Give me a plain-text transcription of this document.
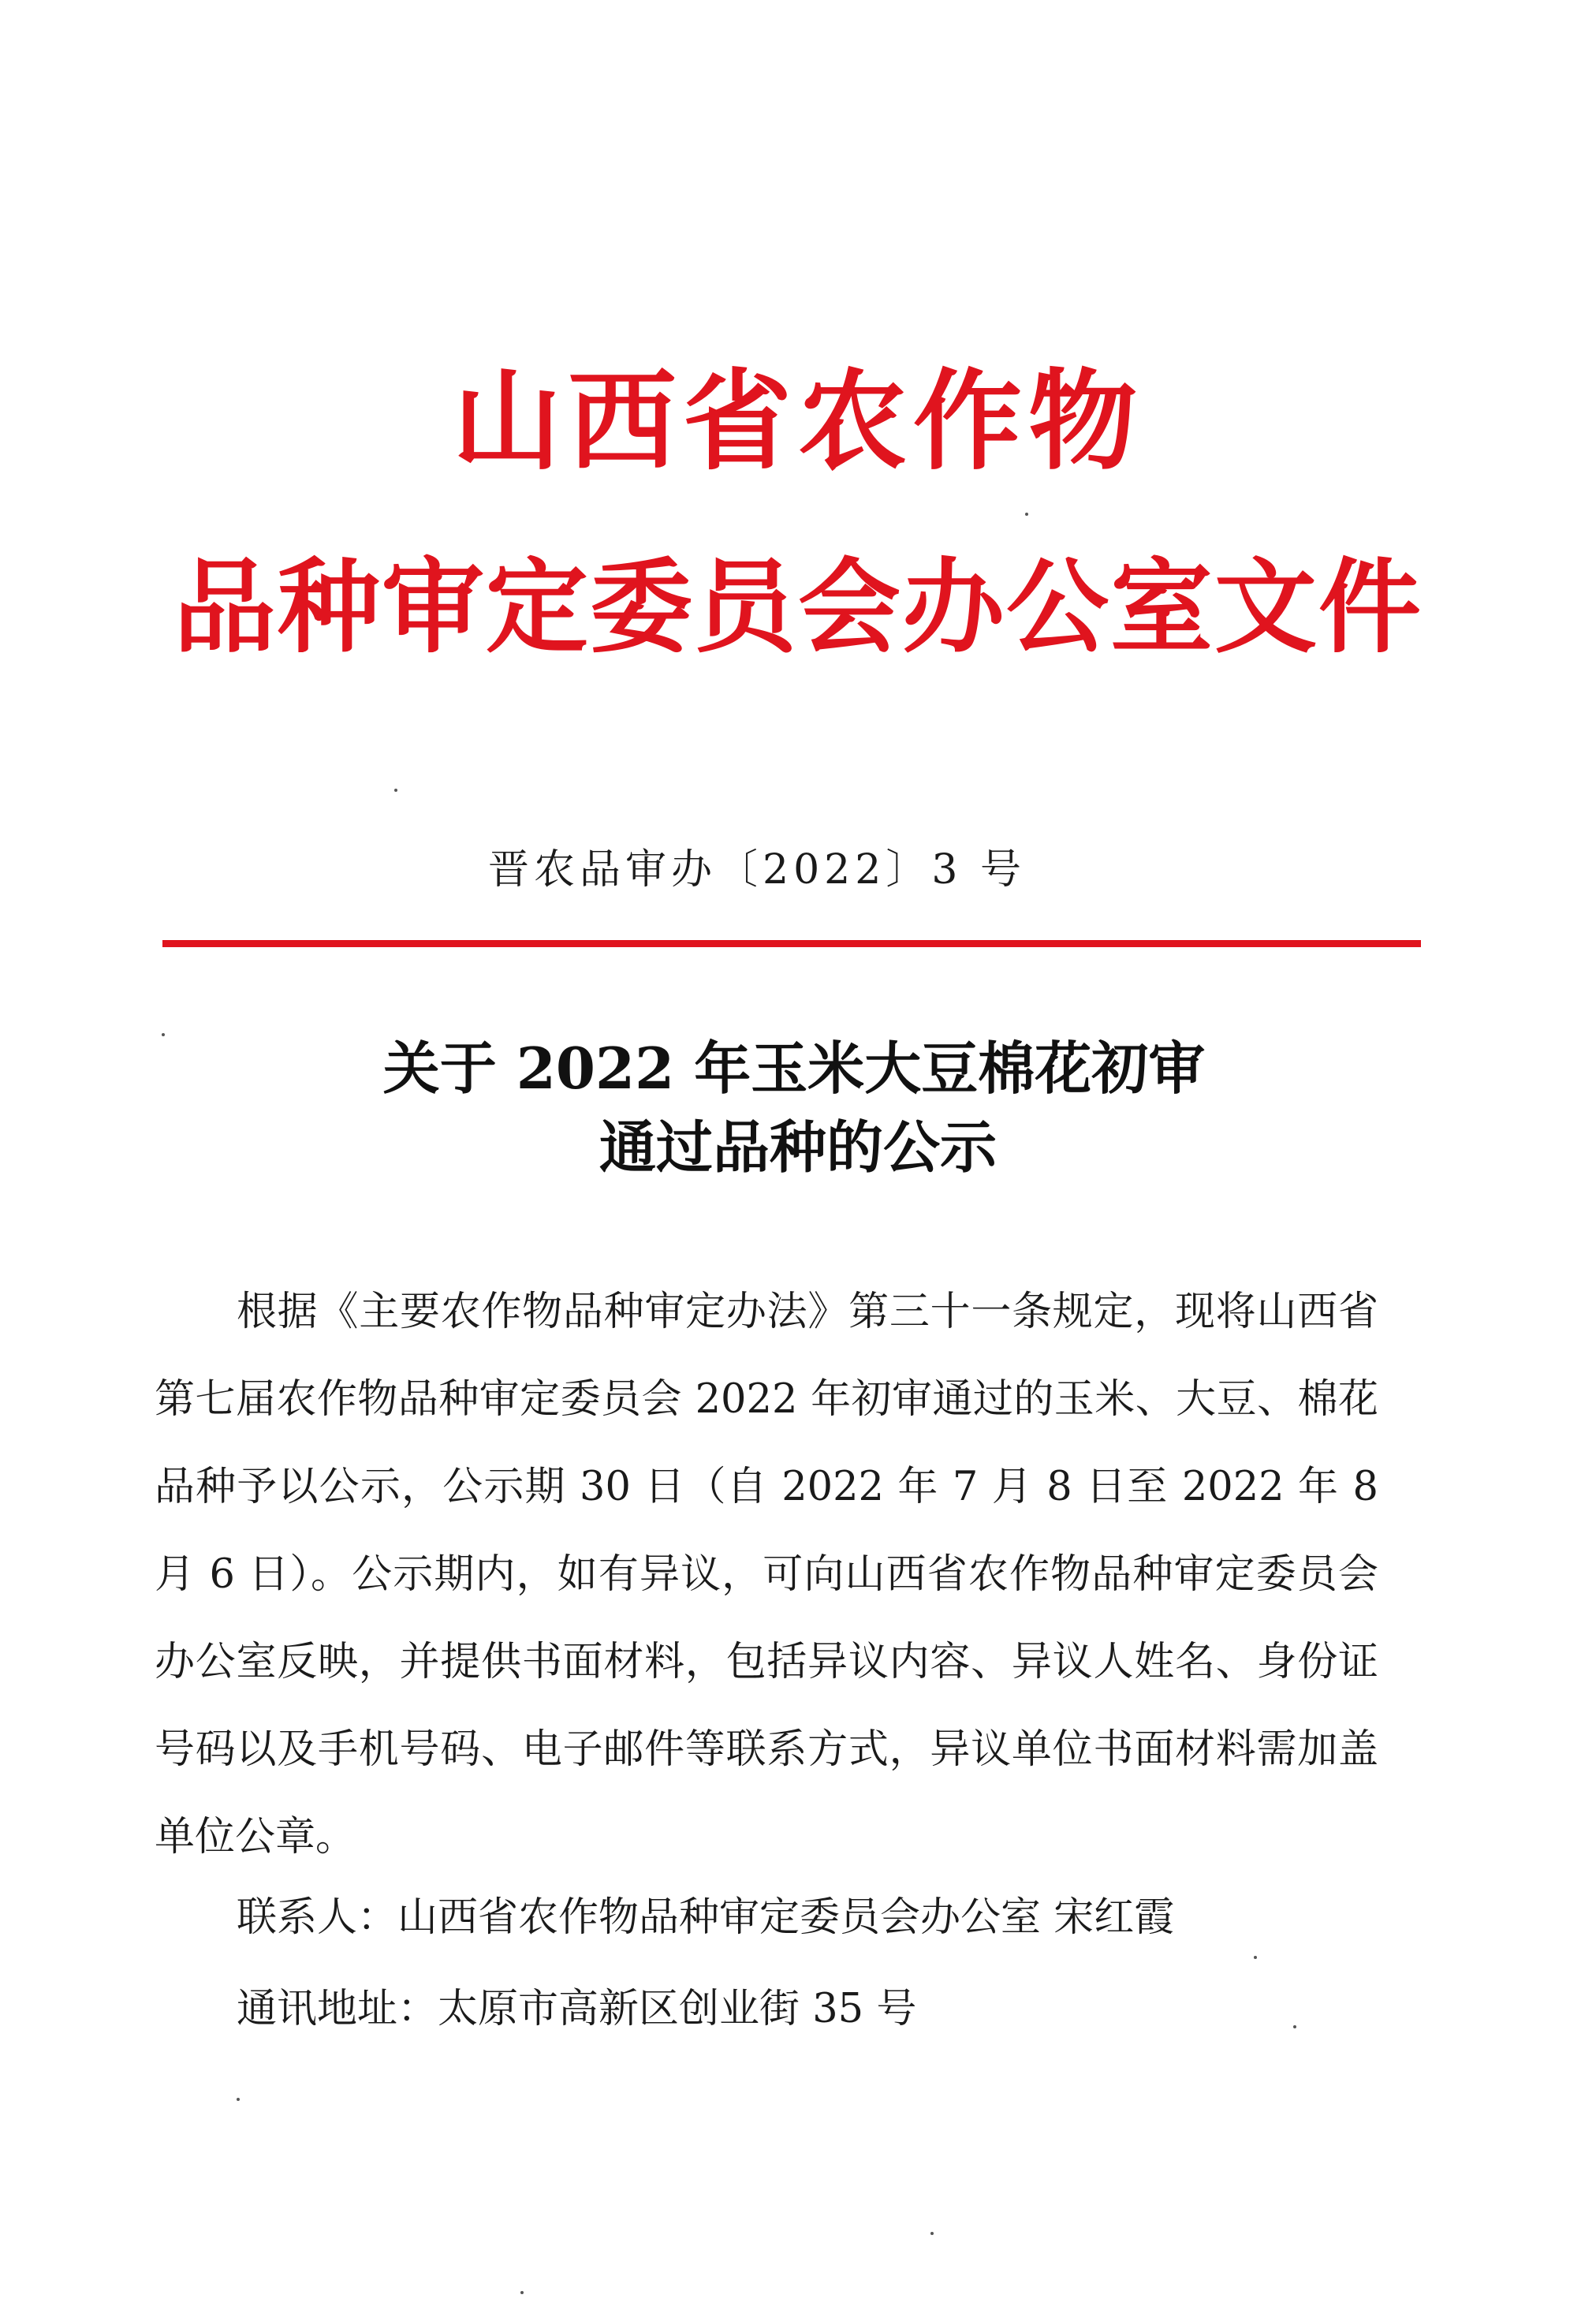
山西省农作物
品种审定委员会办公室文件
晋农品审办〔2022〕3 号
关于 2022 年玉米大豆棉花初审
通过品种的公示

根据《主要农作物品种审定办法》第三十一条规定，现将山西省第七届农作物品种审定委员会 2022 年初审通过的玉米、大豆、棉花品种予以公示，公示期 30 日（自 2022 年 7 月 8 日至 2022 年 8 月 6 日）。公示期内，如有异议，可向山西省农作物品种审定委员会办公室反映，并提供书面材料，包括异议内容、异议人姓名、身份证号码以及手机号码、电子邮件等联系方式，异议单位书面材料需加盖单位公章。

联系人：山西省农作物品种审定委员会办公室 宋红霞
通讯地址：太原市高新区创业街 35 号
